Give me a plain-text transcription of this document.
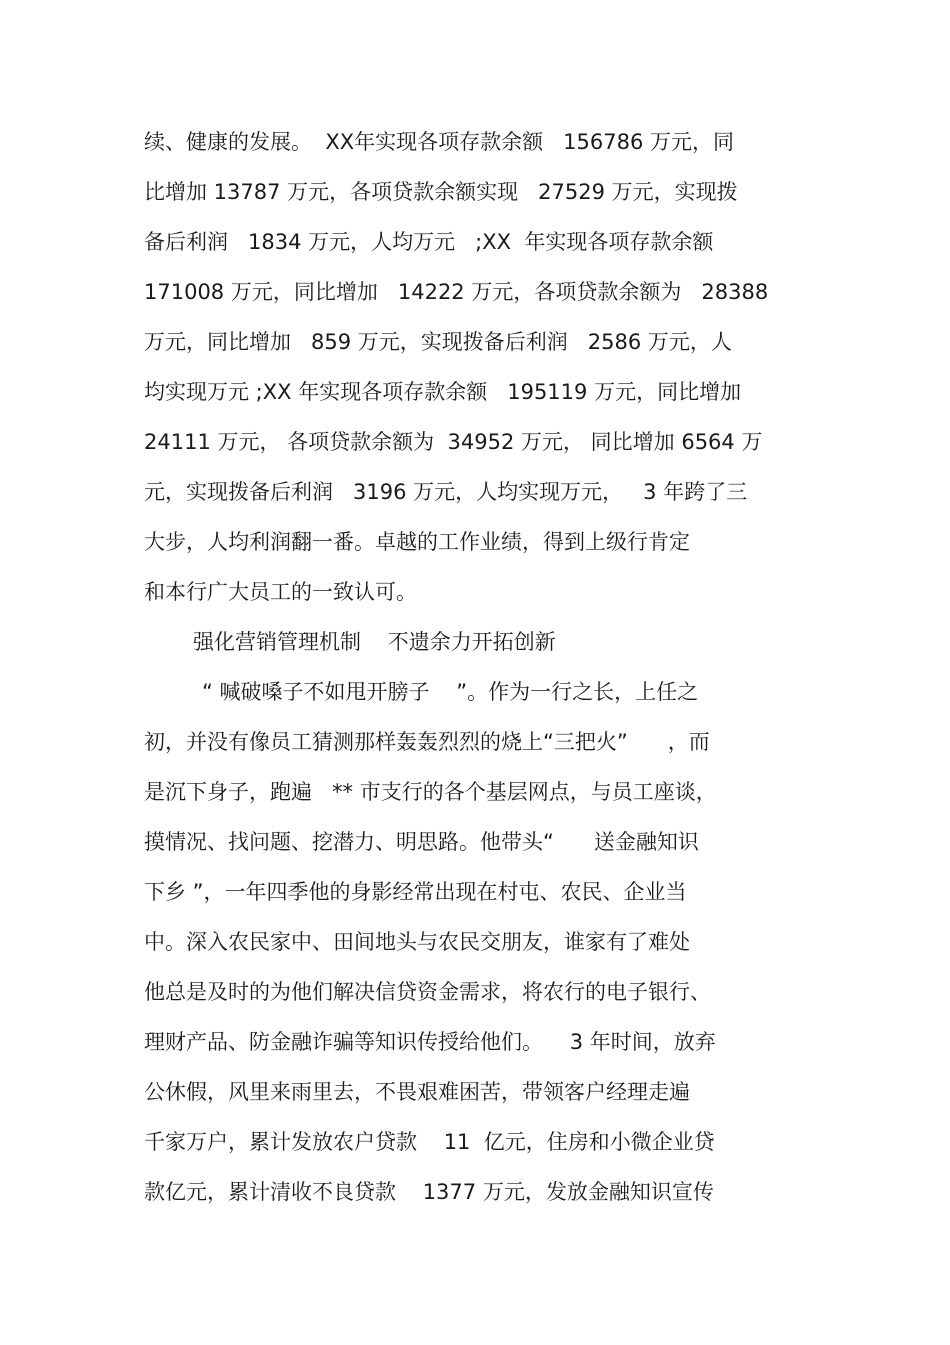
续、健康的发展。  XX年实现各项存款余额   156786 万元，同
比增加 13787 万元，各项贷款余额实现   27529 万元，实现拨
备后利润   1834 万元，人均万元   ;XX  年实现各项存款余额
171008 万元，同比增加   14222 万元，各项贷款余额为   28388
万元，同比增加   859 万元，实现拨备后利润   2586 万元，人
均实现万元 ;XX 年实现各项存款余额   195119 万元，同比增加
24111 万元， 各项贷款余额为  34952 万元， 同比增加 6564 万
元，实现拨备后利润   3196 万元，人均实现万元，   3 年跨了三
大步，人均利润翻一番。卓越的工作业绩，得到上级行肯定
和本行广大员工的一致认可。
强化营销管理机制    不遗余力开拓创新
“ 喊破嗓子不如甩开膀子    ”。作为一行之长，上任之
初，并没有像员工猜测那样轰轰烈烈的烧上“三把火”      ，而
是沉下身子，跑遍   ** 市支行的各个基层网点，与员工座谈，
摸情况、找问题、挖潜力、明思路。他带头“      送金融知识
下乡 ”，一年四季他的身影经常出现在村屯、农民、企业当
中。深入农民家中、田间地头与农民交朋友，谁家有了难处
他总是及时的为他们解决信贷资金需求，将农行的电子银行、
理财产品、防金融诈骗等知识传授给他们。    3 年时间，放弃
公休假，风里来雨里去，不畏艰难困苦，带领客户经理走遍
千家万户，累计发放农户贷款    11  亿元，住房和小微企业贷
款亿元，累计清收不良贷款    1377 万元，发放金融知识宣传
